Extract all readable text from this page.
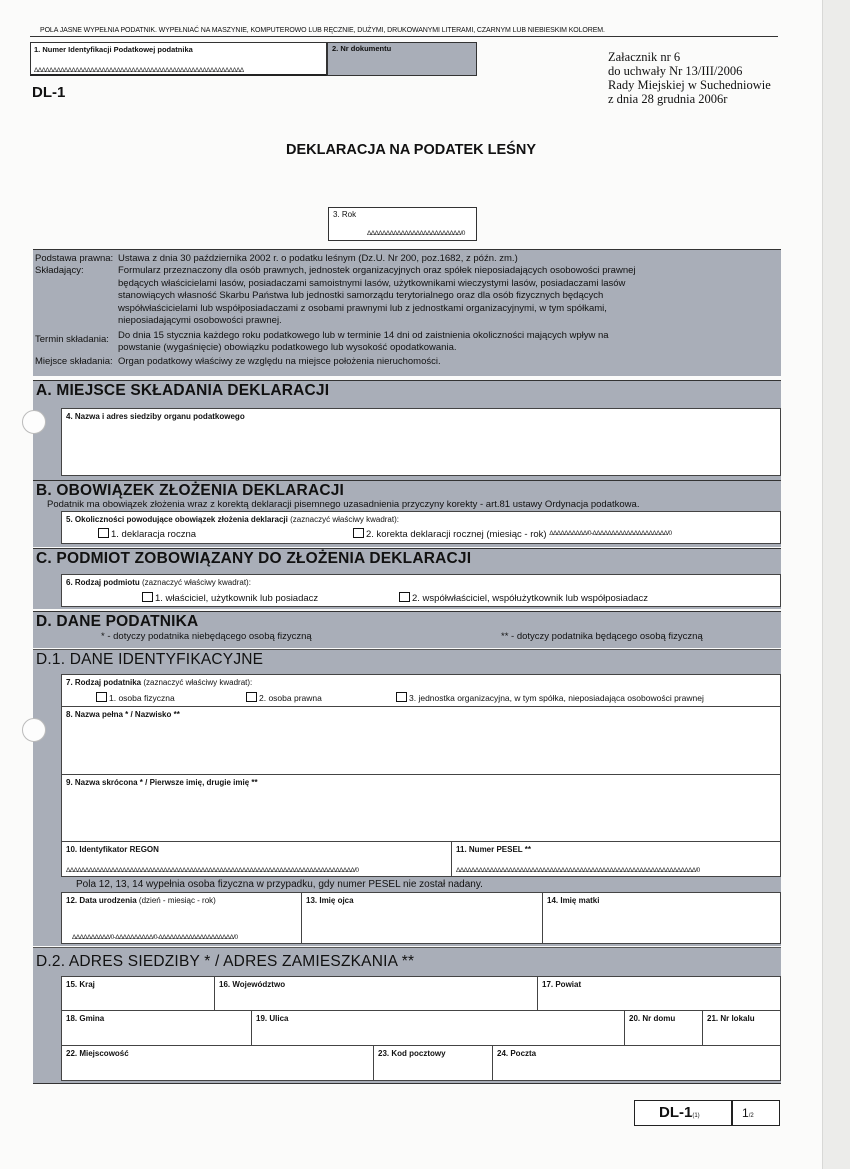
POLA JASNE WYPEŁNIA PODATNIK. WYPEŁNIAĆ NA MASZYNIE, KOMPUTEROWO LUB RĘCZNIE, DUŻYMI, DRUKOWANYMI LITERAMI, CZARNYM LUB NIEBIESKIM KOLOREM.
1. Numer Identyfikacji Podatkowej podatnika
ΔΔΔΔΔΔΔΔΔΔΔΔΔΔΔΔΔΔΔΔΔΔΔΔΔΔΔΔΔΔΔΔΔΔΔΔΔΔΔΔΔΔΔΔΔΔΔΔΔΔΔΔΔΔΔΔ
2. Nr dokumentu
DL-1
Załacznik nr 6
do uchwały Nr 13/III/2006
Rady Miejskiej w Suchedniowie
z dnia 28 grudnia 2006r
DEKLARACJA NA PODATEK LEŚNY
3. Rok
ΔΔΔΔΔΔΔΔΔΔΔΔΔΔΔΔΔΔΔΔΔΔΔΔΔ/0
Podstawa prawna: Ustawa z dnia 30 października 2002 r. o podatku leśnym (Dz.U. Nr 200, poz.1682, z późn. zm.)
Składający:	Formularz przeznaczony dla osób prawnych, jednostek organizacyjnych oraz spółek nieposiadających osobowości prawnej
będących właścicielami lasów, posiadaczami samoistnymi lasów, użytkownikami wieczystymi lasów, posiadaczami lasów
stanowiących własność Skarbu Państwa lub jednostki samorządu terytorialnego oraz dla osób fizycznych będących
współwłaścicielami lub współposiadaczami z osobami prawnymi lub z jednostkami organizacyjnymi, w tym spółkami,
nieposiadającymi osobowości prawnej.
Termin składania: Do dnia 15 stycznia każdego roku podatkowego lub w terminie 14 dni od zaistnienia okoliczności mających wpływ na
powstanie (wygaśnięcie) obowiązku podatkowego lub wysokość opodatkowania.
Miejsce składania: Organ podatkowy właściwy ze względu na miejsce położenia nieruchomości.
A. MIEJSCE SKŁADANIA DEKLARACJI
4. Nazwa i adres siedziby organu podatkowego
B. OBOWIĄZEK ZŁOŻENIA DEKLARACJI
Podatnik ma obowiązek złożenia wraz z korektą deklaracji pisemnego uzasadnienia przyczyny korekty - art.81 ustawy Ordynacja podatkowa.
5. Okoliczności powodujące obowiązek złożenia deklaracji (zaznaczyć właściwy kwadrat):
1. deklaracja roczna	2. korekta deklaracji rocznej (miesiąc - rok) ΔΔΔΔΔΔΔΔΔΔ/0-ΔΔΔΔΔΔΔΔΔΔΔΔΔΔΔΔΔΔΔΔ/0
C. PODMIOT ZOBOWIĄZANY DO ZŁOŻENIA DEKLARACJI
6. Rodzaj podmiotu (zaznaczyć właściwy kwadrat):
1. właściciel, użytkownik lub posiadacz	2. współwłaściciel, współużytkownik lub współposiadacz
D. DANE PODATNIKA
* - dotyczy podatnika niebędącego osobą fizyczną	** - dotyczy podatnika będącego osobą fizyczną
D.1. DANE IDENTYFIKACYJNE
7. Rodzaj podatnika (zaznaczyć właściwy kwadrat):
1. osoba fizyczna	2. osoba prawna	3. jednostka organizacyjna, w tym spółka, nieposiadająca osobowości prawnej
8. Nazwa pełna * / Nazwisko **
9. Nazwa skrócona * / Pierwsze imię, drugie imię **
10. Identyfikator REGON
ΔΔΔΔΔΔΔΔΔΔΔΔΔΔΔΔΔΔΔΔΔΔΔΔΔΔΔΔΔΔΔΔΔΔΔΔΔΔΔΔΔΔΔΔΔΔΔΔΔΔΔΔΔΔΔΔΔΔΔΔΔΔΔΔΔΔΔΔΔΔΔΔΔΔΔΔΔ/0
11. Numer PESEL **
ΔΔΔΔΔΔΔΔΔΔΔΔΔΔΔΔΔΔΔΔΔΔΔΔΔΔΔΔΔΔΔΔΔΔΔΔΔΔΔΔΔΔΔΔΔΔΔΔΔΔΔΔΔΔΔΔΔΔΔΔΔΔΔΔ/0
Pola 12, 13, 14 wypełnia osoba fizyczna w przypadku, gdy numer PESEL nie został nadany.
12. Data urodzenia (dzień - miesiąc - rok)
ΔΔΔΔΔΔΔΔΔΔ/0-ΔΔΔΔΔΔΔΔΔΔ/0-ΔΔΔΔΔΔΔΔΔΔΔΔΔΔΔΔΔΔΔΔ/0
13. Imię ojca	14. Imię matki
D.2. ADRES SIEDZIBY * / ADRES ZAMIESZKANIA **
15. Kraj	16. Województwo	17. Powiat
18. Gmina	19. Ulica	20. Nr domu	21. Nr lokalu
22. Miejscowość	23. Kod pocztowy	24. Poczta
DL-1(1)	1/2
